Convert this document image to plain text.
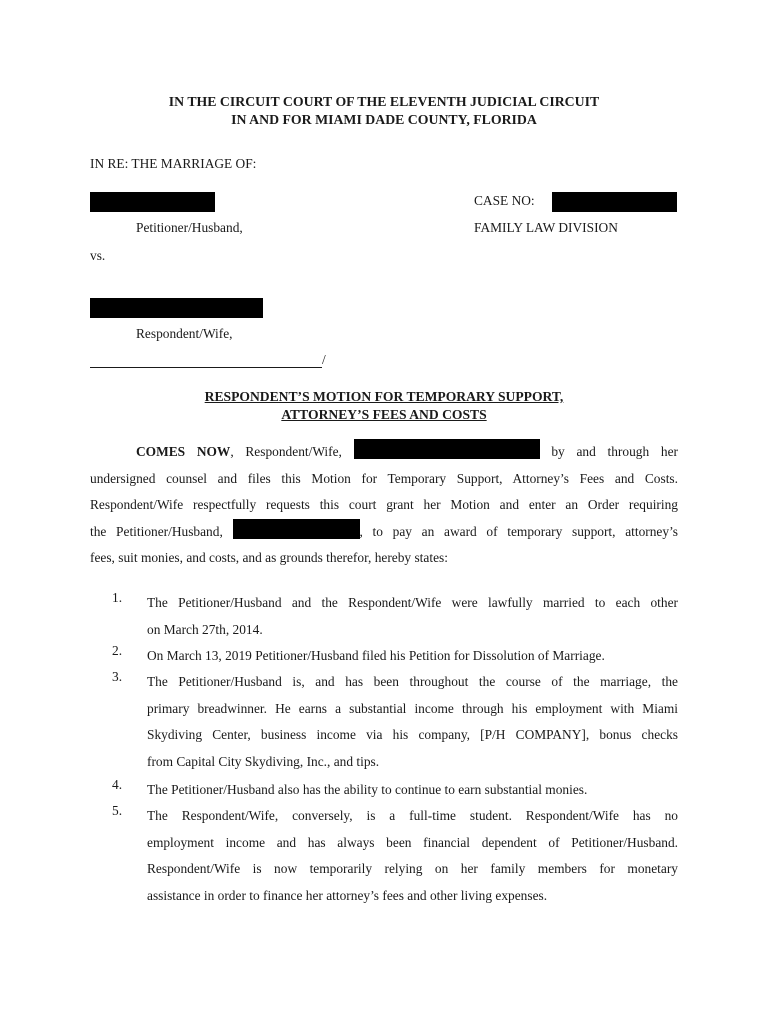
IN THE CIRCUIT COURT OF THE ELEVENTH JUDICIAL CIRCUIT
IN AND FOR MIAMI DADE COUNTY, FLORIDA
IN RE: THE MARRIAGE OF:
CASE NO:
Petitioner/Husband,	FAMILY LAW DIVISION
vs.
Respondent/Wife,
/
RESPONDENT’S MOTION FOR TEMPORARY SUPPORT,
ATTORNEY’S FEES AND COSTS
COMES NOW, Respondent/Wife,	by and through her
undersigned counsel and files this Motion for Temporary Support, Attorney’s Fees and Costs.
Respondent/Wife respectfully requests this court grant her Motion and enter an Order requiring
the Petitioner/Husband,	, to pay an award of temporary support, attorney’s
fees, suit monies, and costs, and as grounds therefor, hereby states:
1. The Petitioner/Husband and the Respondent/Wife were lawfully married to each other
on March 27th, 2014.
2. On March 13, 2019 Petitioner/Husband filed his Petition for Dissolution of Marriage.
3. The Petitioner/Husband is, and has been throughout the course of the marriage, the
primary breadwinner. He earns a substantial income through his employment with Miami
Skydiving Center, business income via his company, [P/H COMPANY], bonus checks
from Capital City Skydiving, Inc., and tips.
4. The Petitioner/Husband also has the ability to continue to earn substantial monies.
5. The Respondent/Wife, conversely, is a full-time student. Respondent/Wife has no
employment income and has always been financial dependent of Petitioner/Husband.
Respondent/Wife is now temporarily relying on her family members for monetary
assistance in order to finance her attorney’s fees and other living expenses.
